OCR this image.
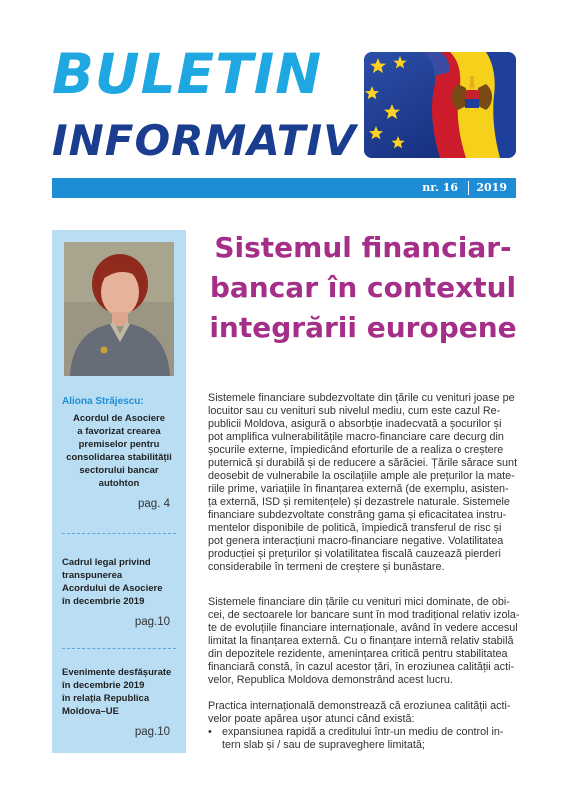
BULETIN
INFORMATIV
nr. 16 2019
Aliona Străjescu:
Acordul de Asociere
a favorizat crearea
premiselor pentru
consolidarea stabilității
sectorului bancar
autohton
pag. 4
Cadrul legal privind
transpunerea
Acordului de Asociere
în decembrie 2019
pag.10
Evenimente desfășurate
în decembrie 2019
în relația Republica
Moldova–UE
pag.10
Sistemul financiar-
bancar în contextul
integrării europene
Sistemele financiare subdezvoltate din țările cu venituri joase pe
locuitor sau cu venituri sub nivelul mediu, cum este cazul Re-
publicii Moldova, asigură o absorbție inadecvată a șocurilor și
pot amplifica vulnerabilitățile macro-financiare care decurg din
șocurile externe, împiedicând eforturile de a realiza o creștere
puternică și durabilă și de reducere a sărăciei. Țările sărace sunt
deosebit de vulnerabile la oscilațiile ample ale prețurilor la mate-
riile prime, variațiile în finanțarea externă (de exemplu, asisten-
ța externă, ISD și remitențele) și dezastrele naturale. Sistemele
financiare subdezvoltate constrâng gama și eficacitatea instru-
mentelor disponibile de politică, împiedică transferul de risc și
pot genera interacțiuni macro-financiare negative. Volatilitatea
producției și prețurilor și volatilitatea fiscală cauzează pierderi
considerabile în termeni de creștere și bunăstare.
Sistemele financiare din țările cu venituri mici dominate, de obi-
cei, de sectoarele lor bancare sunt în mod tradițional relativ izola-
te de evoluțiile financiare internaționale, având în vedere accesul
limitat la finanțarea externă. Cu o finanțare internă relativ stabilă
din depozitele rezidente, amenințarea critică pentru stabilitatea
financiară constă, în cazul acestor țări, în eroziunea calității acti-
velor, Republica Moldova demonstrând acest lucru.
Practica internațională demonstrează că eroziunea calității acti-
velor poate apărea ușor atunci când există:
• expansiunea rapidă a creditului într-un mediu de control in-
tern slab și / sau de supraveghere limitată;
